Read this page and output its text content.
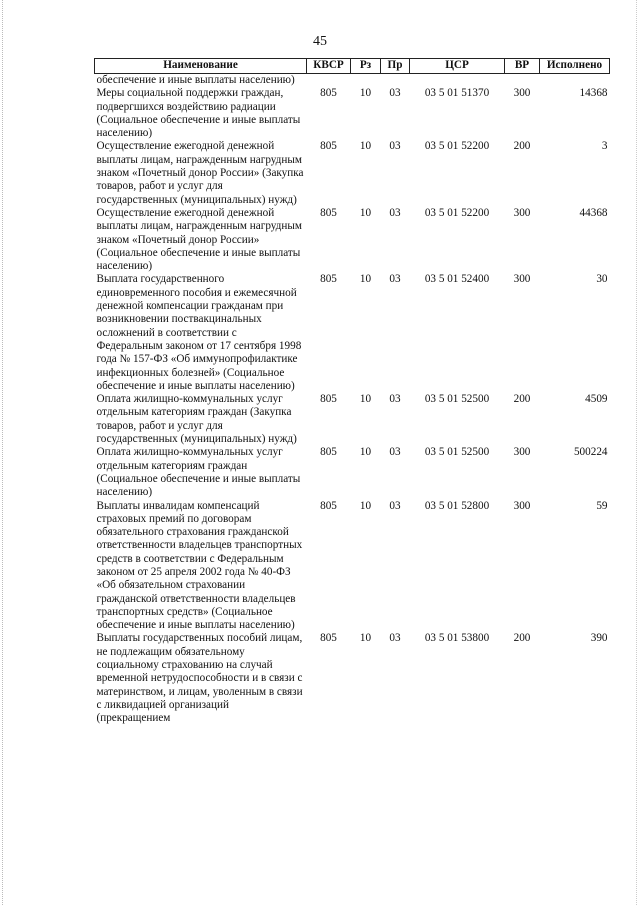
45
Наименование	КВСР	Рз	Пр	ЦСР	ВР	Исполнено
обеспечение и иные выплаты населению)						
Меры социальной поддержки граждан, подвергшихся воздействию радиации (Социальное обеспечение и иные выплаты населению)	805	10	03	03 5 01 51370	300	14368
Осуществление ежегодной денежной выплаты лицам, награжденным нагрудным знаком «Почетный донор России» (Закупка товаров, работ и услуг для государственных (муниципальных) нужд)	805	10	03	03 5 01 52200	200	3
Осуществление ежегодной денежной выплаты лицам, награжденным нагрудным знаком «Почетный донор России» (Социальное обеспечение и иные выплаты населению)	805	10	03	03 5 01 52200	300	44368
Выплата государственного единовременного пособия и ежемесячной денежной компенсации гражданам при возникновении поствакцинальных осложнений в соответствии с Федеральным законом от 17 сентября 1998 года № 157-ФЗ «Об иммунопрофилактике инфекционных болезней» (Социальное обеспечение и иные выплаты населению)	805	10	03	03 5 01 52400	300	30
Оплата жилищно-коммунальных услуг отдельным категориям граждан (Закупка товаров, работ и услуг для государственных (муниципальных) нужд)	805	10	03	03 5 01 52500	200	4509
Оплата жилищно-коммунальных услуг отдельным категориям граждан (Социальное обеспечение и иные выплаты населению)	805	10	03	03 5 01 52500	300	500224
Выплаты инвалидам компенсаций страховых премий по договорам обязательного страхования гражданской ответственности владельцев транспортных средств в соответствии с Федеральным законом от 25 апреля 2002 года № 40-ФЗ «Об обязательном страховании гражданской ответственности владельцев транспортных средств» (Социальное обеспечение и иные выплаты населению)	805	10	03	03 5 01 52800	300	59
Выплаты государственных пособий лицам, не подлежащим обязательному социальному страхованию на случай временной нетрудоспособности и в связи с материнством, и лицам, уволенным в связи с ликвидацией организаций (прекращением	805	10	03	03 5 01 53800	200	390
